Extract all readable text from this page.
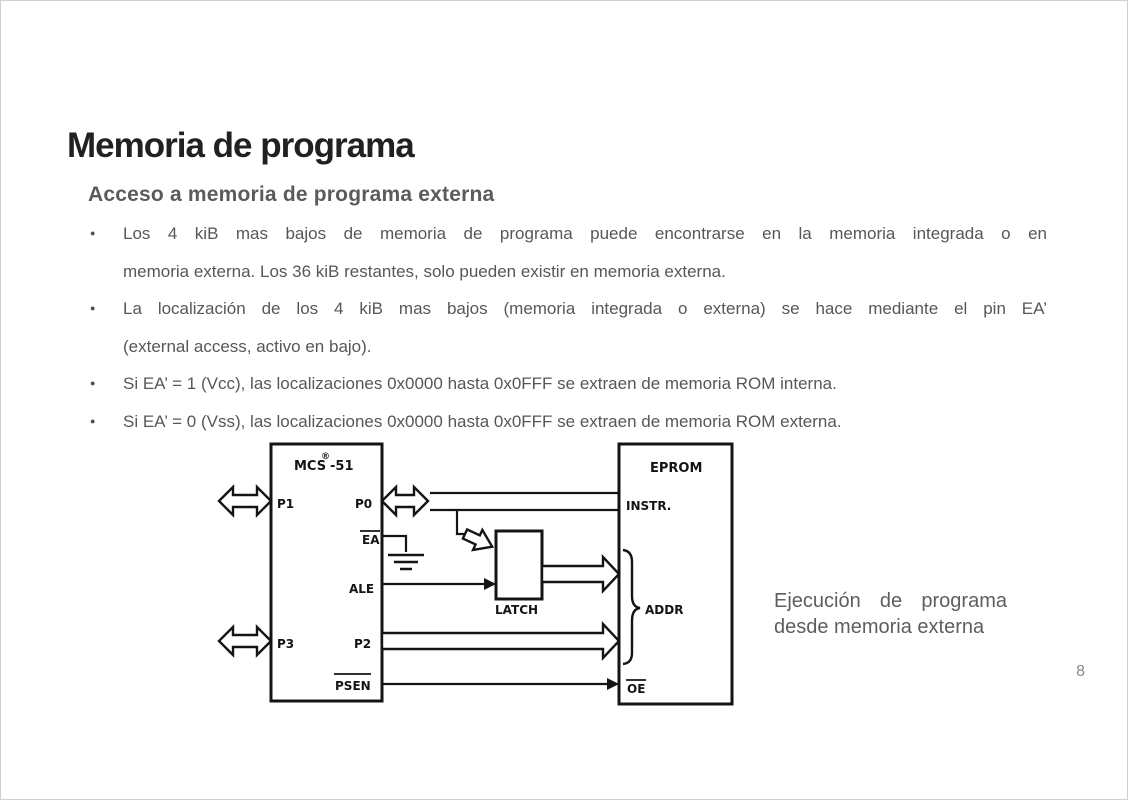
Memoria de programa
Acceso a memoria de programa externa
● Los 4 kiB mas bajos de memoria de programa puede encontrarse en la memoria integrada o en
memoria externa. Los 36 kiB restantes, solo pueden existir en memoria externa.
● La localización de los 4 kiB mas bajos (memoria integrada o externa) se hace mediante el pin EA’
(external access, activo en bajo).
● Si EA’ = 1 (Vcc), las localizaciones 0x0000 hasta 0x0FFF se extraen de memoria ROM interna.
● Si EA’ = 0 (Vss), las localizaciones 0x0000 hasta 0x0FFF se extraen de memoria ROM externa.
MCS
®
-51
P1	P0
EA
ALE
P3	P2
PSEN
EPROM
INSTR.
ADDR
OE
LATCH	Ejecución de programa
desde memoria externa
8
